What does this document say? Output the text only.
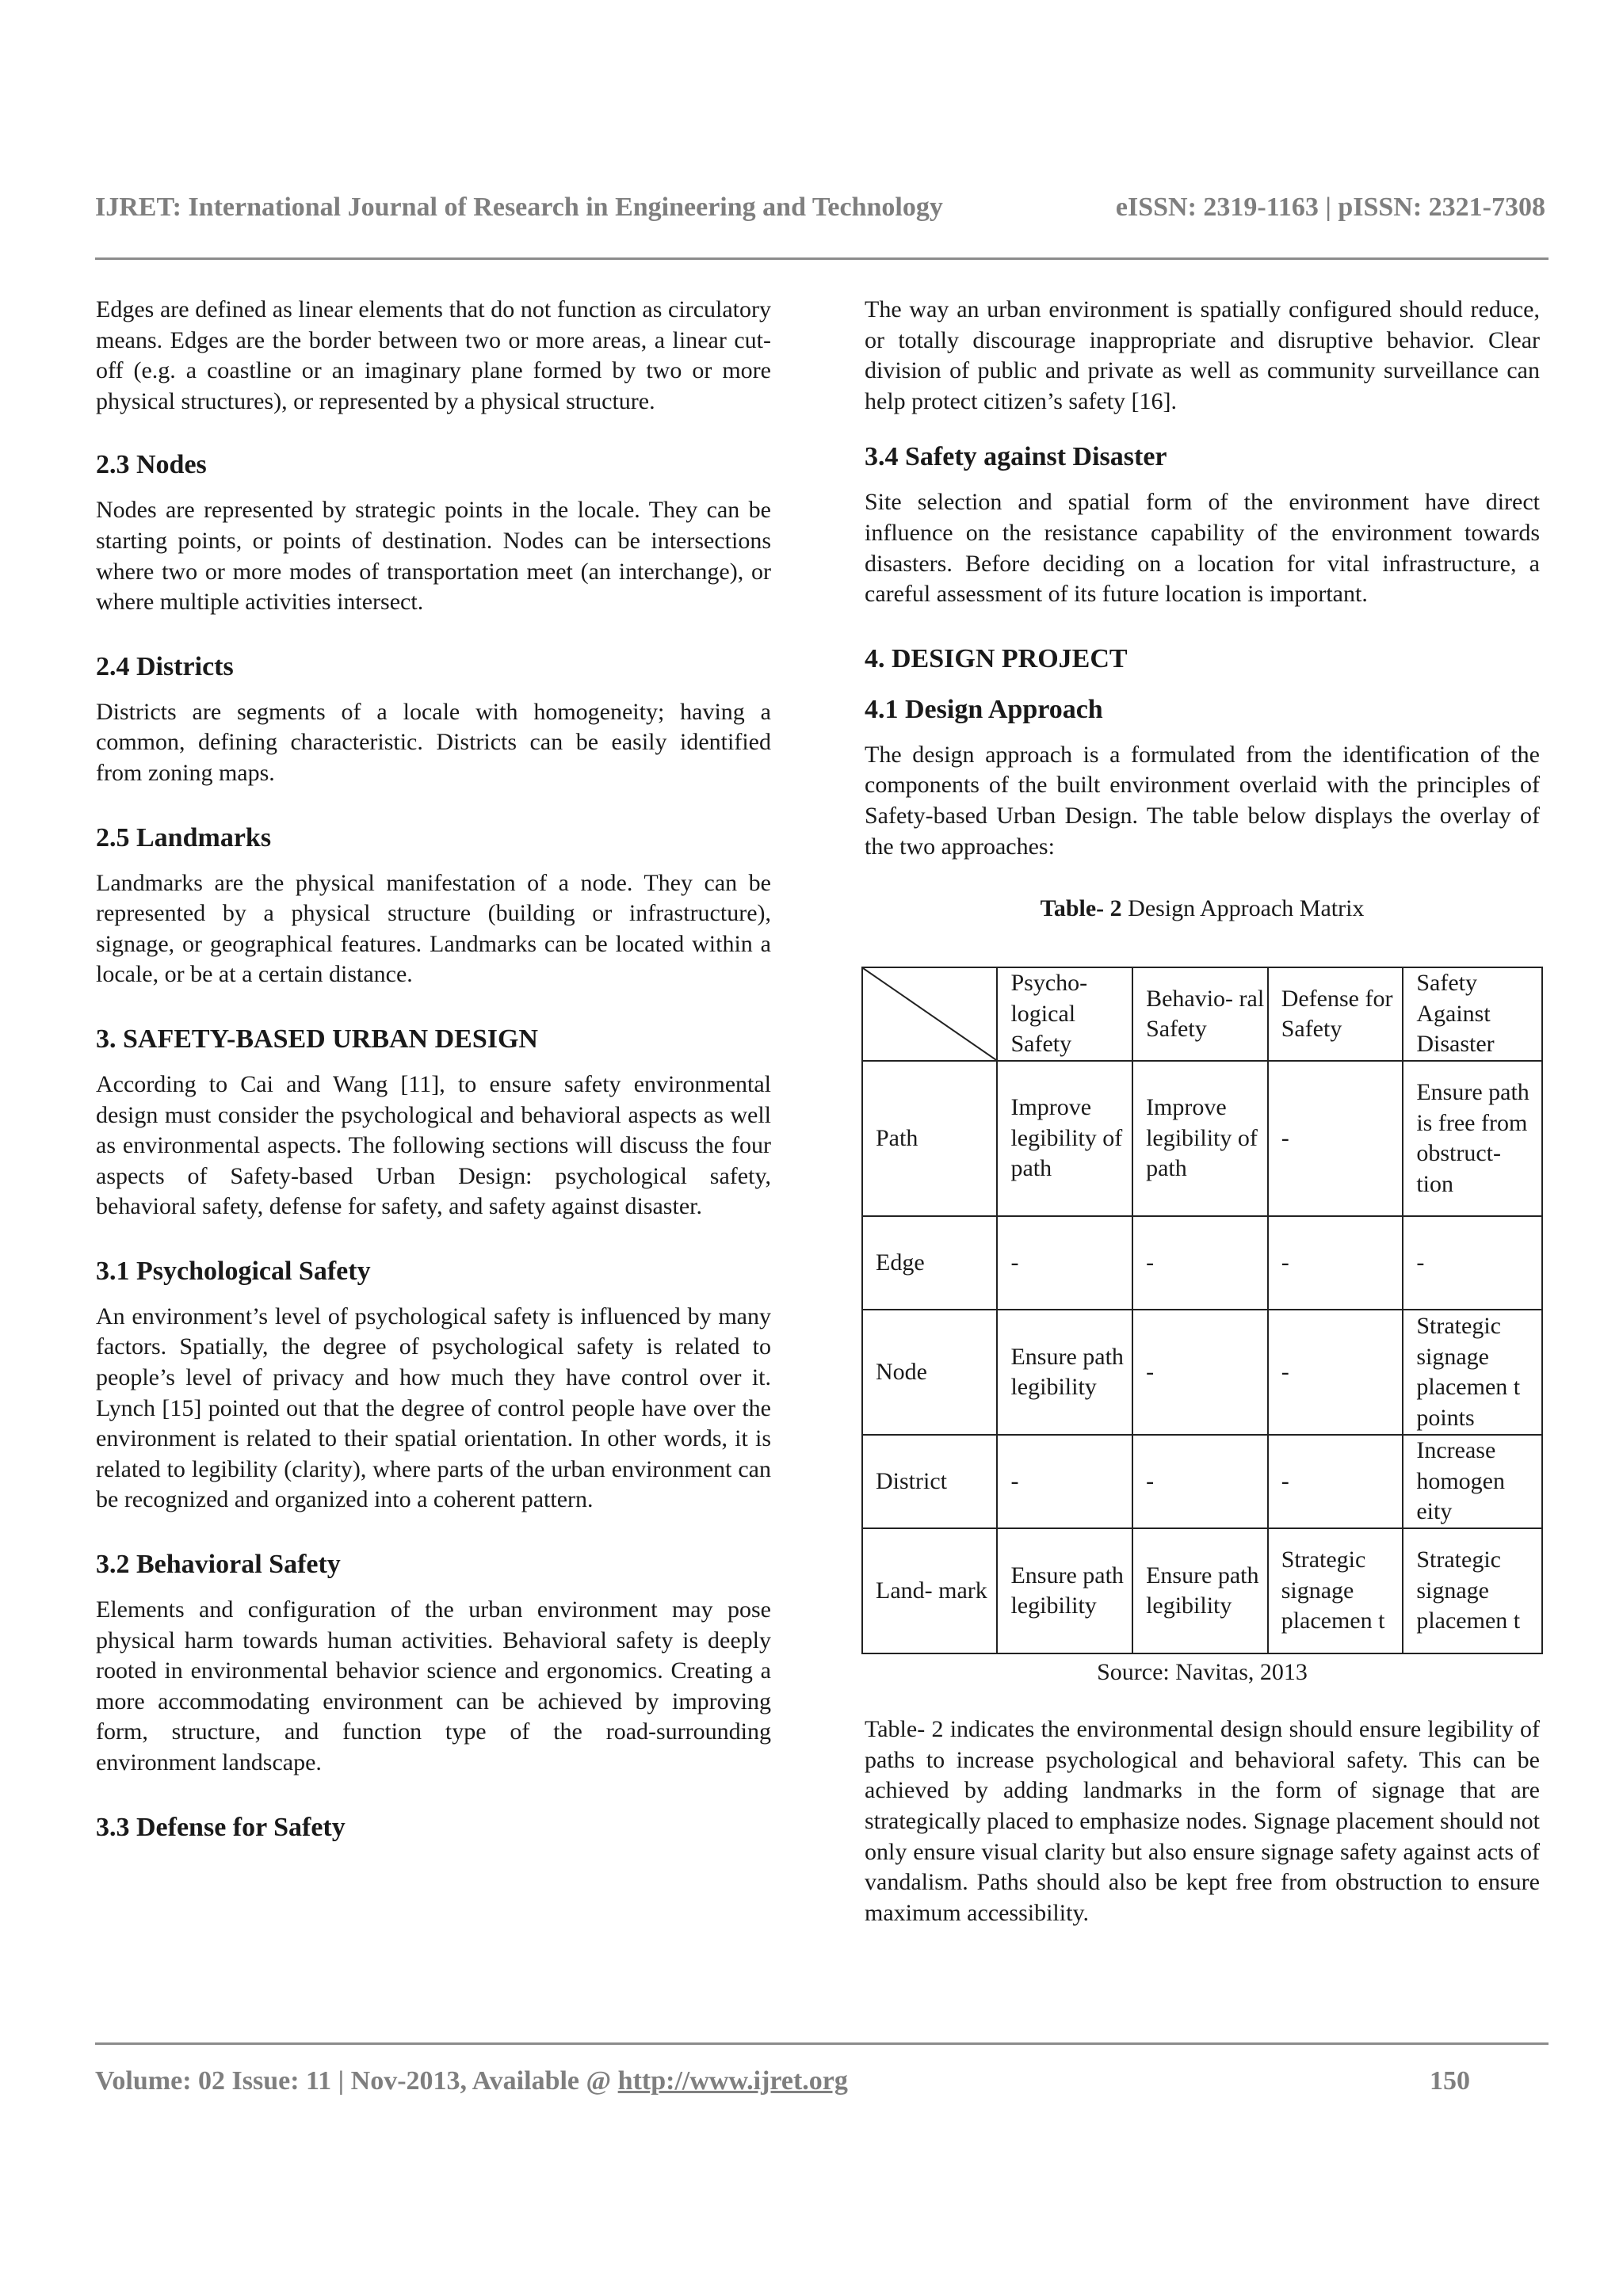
IJRET: International Journal of Research in Engineering and Technology	eISSN: 2319-1163 | pISSN: 2321-7308

Edges are defined as linear elements that do not function as circulatory means. Edges are the border between two or more areas, a linear cut-off (e.g. a coastline or an imaginary plane formed by two or more physical structures), or represented by a physical structure.

2.3 Nodes

Nodes are represented by strategic points in the locale. They can be starting points, or points of destination. Nodes can be intersections where two or more modes of transportation meet (an interchange), or where multiple activities intersect.

2.4 Districts

Districts are segments of a locale with homogeneity; having a common, defining characteristic. Districts can be easily identified from zoning maps.

2.5 Landmarks

Landmarks are the physical manifestation of a node. They can be represented by a physical structure (building or infrastructure), signage, or geographical features. Landmarks can be located within a locale, or be at a certain distance.

3. SAFETY-BASED URBAN DESIGN

According to Cai and Wang [11], to ensure safety environmental design must consider the psychological and behavioral aspects as well as environmental aspects. The following sections will discuss the four aspects of Safety-based Urban Design: psychological safety, behavioral safety, defense for safety, and safety against disaster.

3.1 Psychological Safety

An environment’s level of psychological safety is influenced by many factors. Spatially, the degree of psychological safety is related to people’s level of privacy and how much they have control over it. Lynch [15] pointed out that the degree of control people have over the environment is related to their spatial orientation. In other words, it is related to legibility (clarity), where parts of the urban environment can be recognized and organized into a coherent pattern.

3.2 Behavioral Safety

Elements and configuration of the urban environment may pose physical harm towards human activities. Behavioral safety is deeply rooted in environmental behavior science and ergonomics. Creating a more accommodating environment can be achieved by improving form, structure, and function type of the road-surrounding environment landscape.

3.3 Defense for Safety

The way an urban environment is spatially configured should reduce, or totally discourage inappropriate and disruptive behavior. Clear division of public and private as well as community surveillance can help protect citizen’s safety [16].

3.4 Safety against Disaster

Site selection and spatial form of the environment have direct influence on the resistance capability of the environment towards disasters. Before deciding on a location for vital infrastructure, a careful assessment of its future location is important.

4. DESIGN PROJECT
4.1 Design Approach

The design approach is a formulated from the identification of the components of the built environment overlaid with the principles of Safety-based Urban Design. The table below displays the overlay of the two approaches:

Table- 2 Design Approach Matrix
	Psycho- logical Safety	Behavio- ral Safety	Defense for Safety	Safety Against Disaster
Path	Improve legibility of path	Improve legibility of path	-	Ensure path is free from obstruct- tion
Edge	-	-	-	-
Node	Ensure path legibility	-	-	Strategic signage placemen t points
District	-	-	-	Increase homogen eity
Land- mark	Ensure path legibility	Ensure path legibility	Strategic signage placemen t	Strategic signage placemen t
Source: Navitas, 2013

Table- 2 indicates the environmental design should ensure legibility of paths to increase psychological and behavioral safety. This can be achieved by adding landmarks in the form of signage that are strategically placed to emphasize nodes. Signage placement should not only ensure visual clarity but also ensure signage safety against acts of vandalism. Paths should also be kept free from obstruction to ensure maximum accessibility.

Volume: 02 Issue: 11 | Nov-2013, Available @ http://www.ijret.org	150
